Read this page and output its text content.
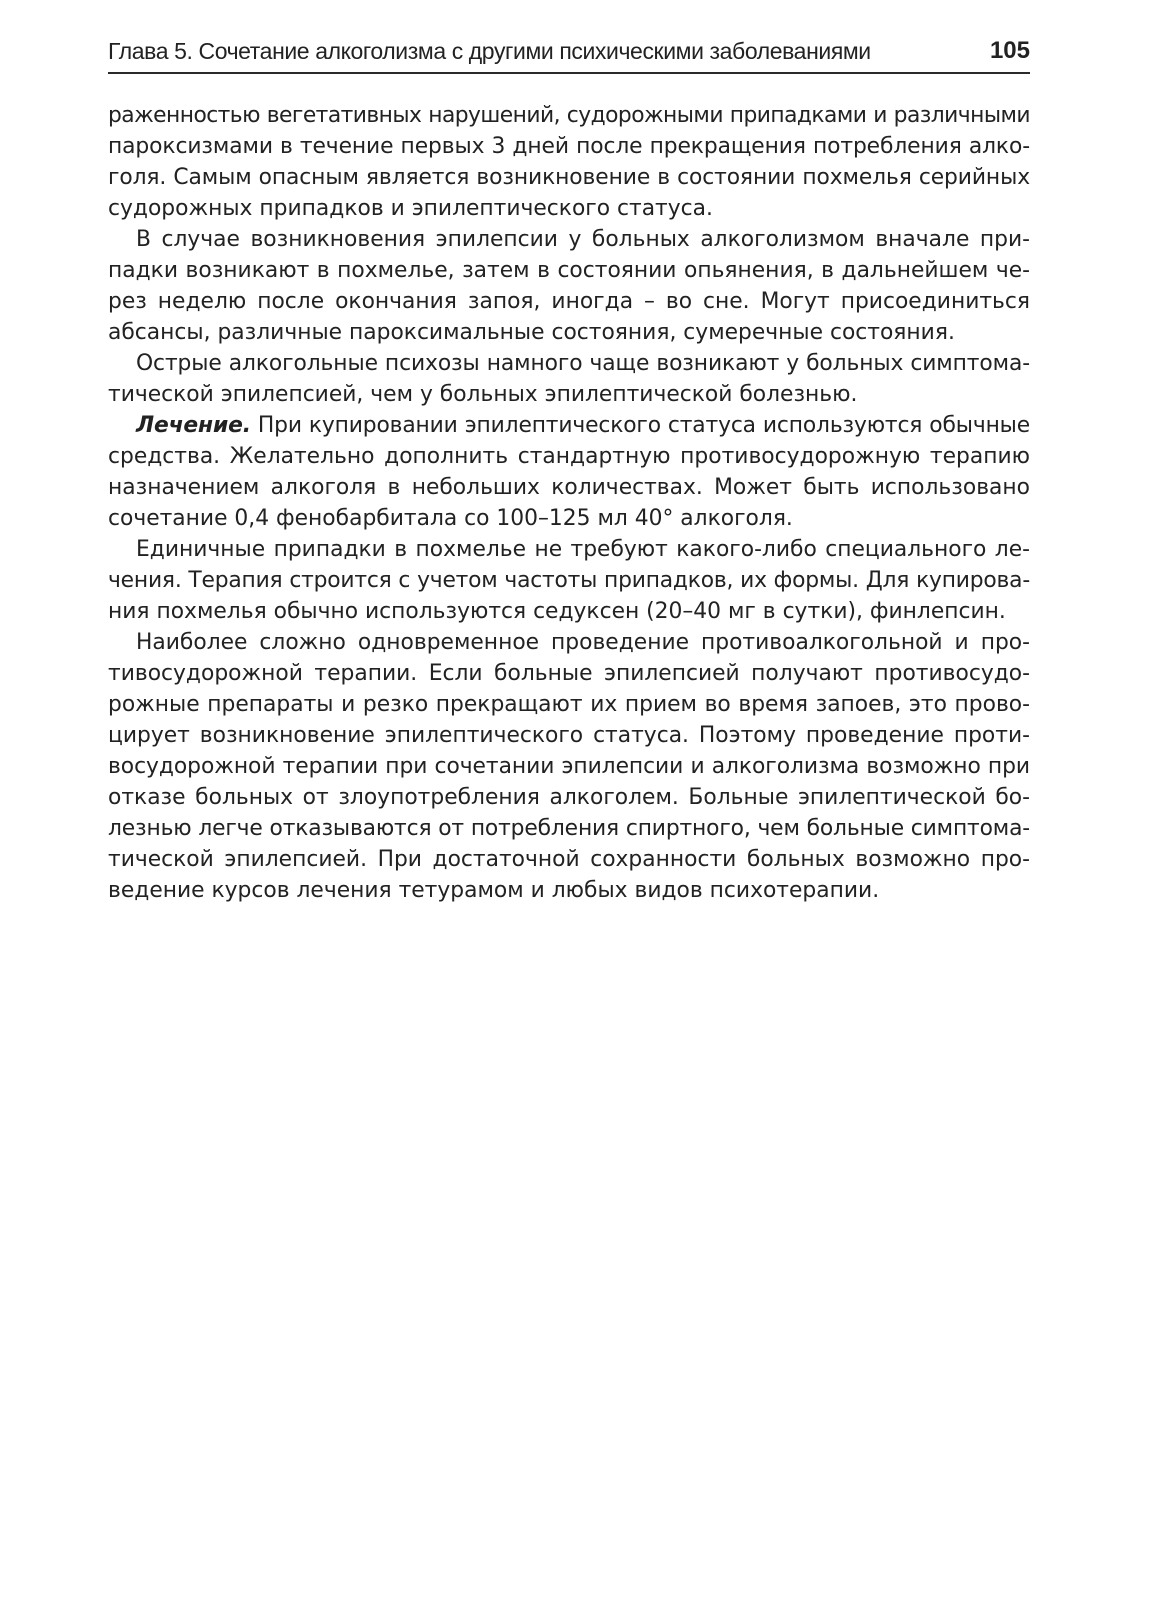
Глава 5. Сочетание алкоголизма с другими психическими заболеваниями	105
раженностью вегетативных нарушений, судорожными припадками и различными
пароксизмами в течение первых 3 дней после прекращения потребления алко-
голя. Самым опасным является возникновение в состоянии похмелья серийных
судорожных припадков и эпилептического статуса.
В случае возникновения эпилепсии у больных алкоголизмом вначале при-
падки возникают в похмелье, затем в состоянии опьянения, в дальнейшем че-
рез неделю после окончания запоя, иногда – во сне. Могут присоединиться
абсансы, различные пароксимальные состояния, сумеречные состояния.
Острые алкогольные психозы намного чаще возникают у больных симптома-
тической эпилепсией, чем у больных эпилептической болезнью.
Лечение. При купировании эпилептического статуса используются обычные
средства. Желательно дополнить стандартную противосудорожную терапию
назначением алкоголя в небольших количествах. Может быть использовано
сочетание 0,4 фенобарбитала со 100–125 мл 40° алкоголя.
Единичные припадки в похмелье не требуют какого-либо специального ле-
чения. Терапия строится с учетом частоты припадков, их формы. Для купирова-
ния похмелья обычно используются седуксен (20–40 мг в сутки), финлепсин.
Наиболее сложно одновременное проведение противоалкогольной и про-
тивосудорожной терапии. Если больные эпилепсией получают противосудо-
рожные препараты и резко прекращают их прием во время запоев, это прово-
цирует возникновение эпилептического статуса. Поэтому проведение проти-
восудорожной терапии при сочетании эпилепсии и алкоголизма возможно при
отказе больных от злоупотребления алкоголем. Больные эпилептической бо-
лезнью легче отказываются от потребления спиртного, чем больные симптома-
тической эпилепсией. При достаточной сохранности больных возможно про-
ведение курсов лечения тетурамом и любых видов психотерапии.
